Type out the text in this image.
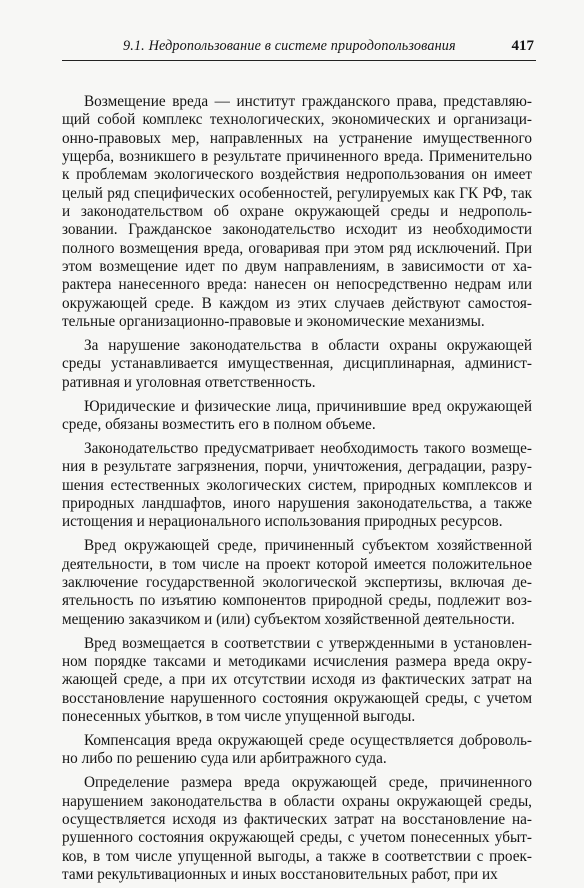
9.1. Недропользование в системе природопользования	417

Возмещение вреда — институт гражданского права, представляющий собой комплекс технологических, экономических и организационно-правовых мер, направленных на устранение имущественного ущерба, возникшего в результате причиненного вреда. Применительно к проблемам экологического воздействия недропользования он имеет целый ряд специфических особенностей, регулируемых как ГК РФ, так и законодательством об охране окружающей среды и недропользовании. Гражданское законодательство исходит из необходимости полного возмещения вреда, оговаривая при этом ряд исключений. При этом возмещение идет по двум направлениям, в зависимости от характера нанесенного вреда: нанесен он непосредственно недрам или окружающей среде. В каждом из этих случаев действуют самостоятельные организационно-правовые и экономические механизмы.

За нарушение законодательства в области охраны окружающей среды устанавливается имущественная, дисциплинарная, административная и уголовная ответственность.

Юридические и физические лица, причинившие вред окружающей среде, обязаны возместить его в полном объеме.

Законодательство предусматривает необходимость такого возмещения в результате загрязнения, порчи, уничтожения, деградации, разрушения естественных экологических систем, природных комплексов и природных ландшафтов, иного нарушения законодательства, а также истощения и нерационального использования природных ресурсов.

Вред окружающей среде, причиненный субъектом хозяйственной деятельности, в том числе на проект которой имеется положительное заключение государственной экологической экспертизы, включая деятельность по изъятию компонентов природной среды, подлежит возмещению заказчиком и (или) субъектом хозяйственной деятельности.

Вред возмещается в соответствии с утвержденными в установленном порядке таксами и методиками исчисления размера вреда окружающей среде, а при их отсутствии исходя из фактических затрат на восстановление нарушенного состояния окружающей среды, с учетом понесенных убытков, в том числе упущенной выгоды.

Компенсация вреда окружающей среде осуществляется добровольно либо по решению суда или арбитражного суда.

Определение размера вреда окружающей среде, причиненного нарушением законодательства в области охраны окружающей среды, осуществляется исходя из фактических затрат на восстановление нарушенного состояния окружающей среды, с учетом понесенных убытков, в том числе упущенной выгоды, а также в соответствии с проектами рекультивационных и иных восстановительных работ, при их
